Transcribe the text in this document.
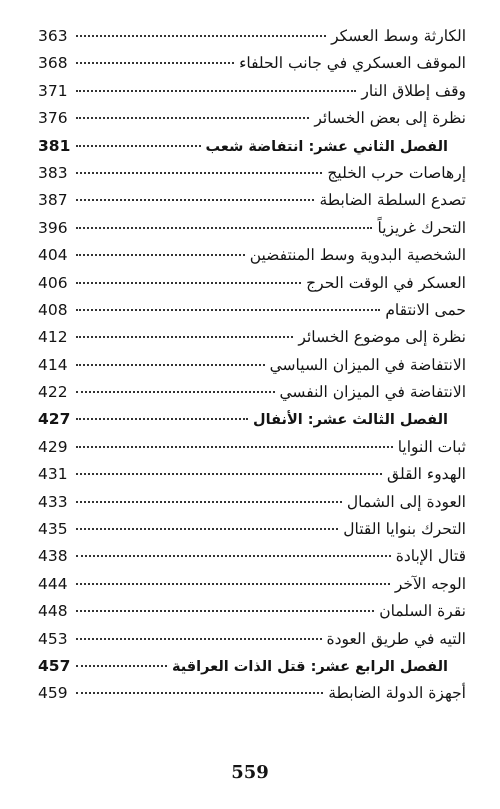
الكارثة وسط العسكر
363
الموقف العسكري في جانب الحلفاء
368
وقف إطلاق النار
371
نظرة إلى بعض الخسائر
376
الفصل الثاني عشر: انتفاضة شعب
381
إرهاصات حرب الخليج
383
تصدع السلطة الضابطة
387
التحرك غريزياً
396
الشخصية البدوية وسط المنتفضين
404
العسكر في الوقت الحرج
406
حمى الانتقام
408
نظرة إلى موضوع الخسائر
412
الانتفاضة في الميزان السياسي
414
الانتفاضة في الميزان النفسي
422
الفصل الثالث عشر: الأنفال
427
ثبات النوايا
429
الهدوء القلق
431
العودة إلى الشمال
433
التحرك بنوايا القتال
435
قتال الإبادة
438
الوجه الآخر
444
نقرة السلمان
448
التيه في طريق العودة
453
الفصل الرابع عشر: قتل الذات العراقية
457
أجهزة الدولة الضابطة
459
559
